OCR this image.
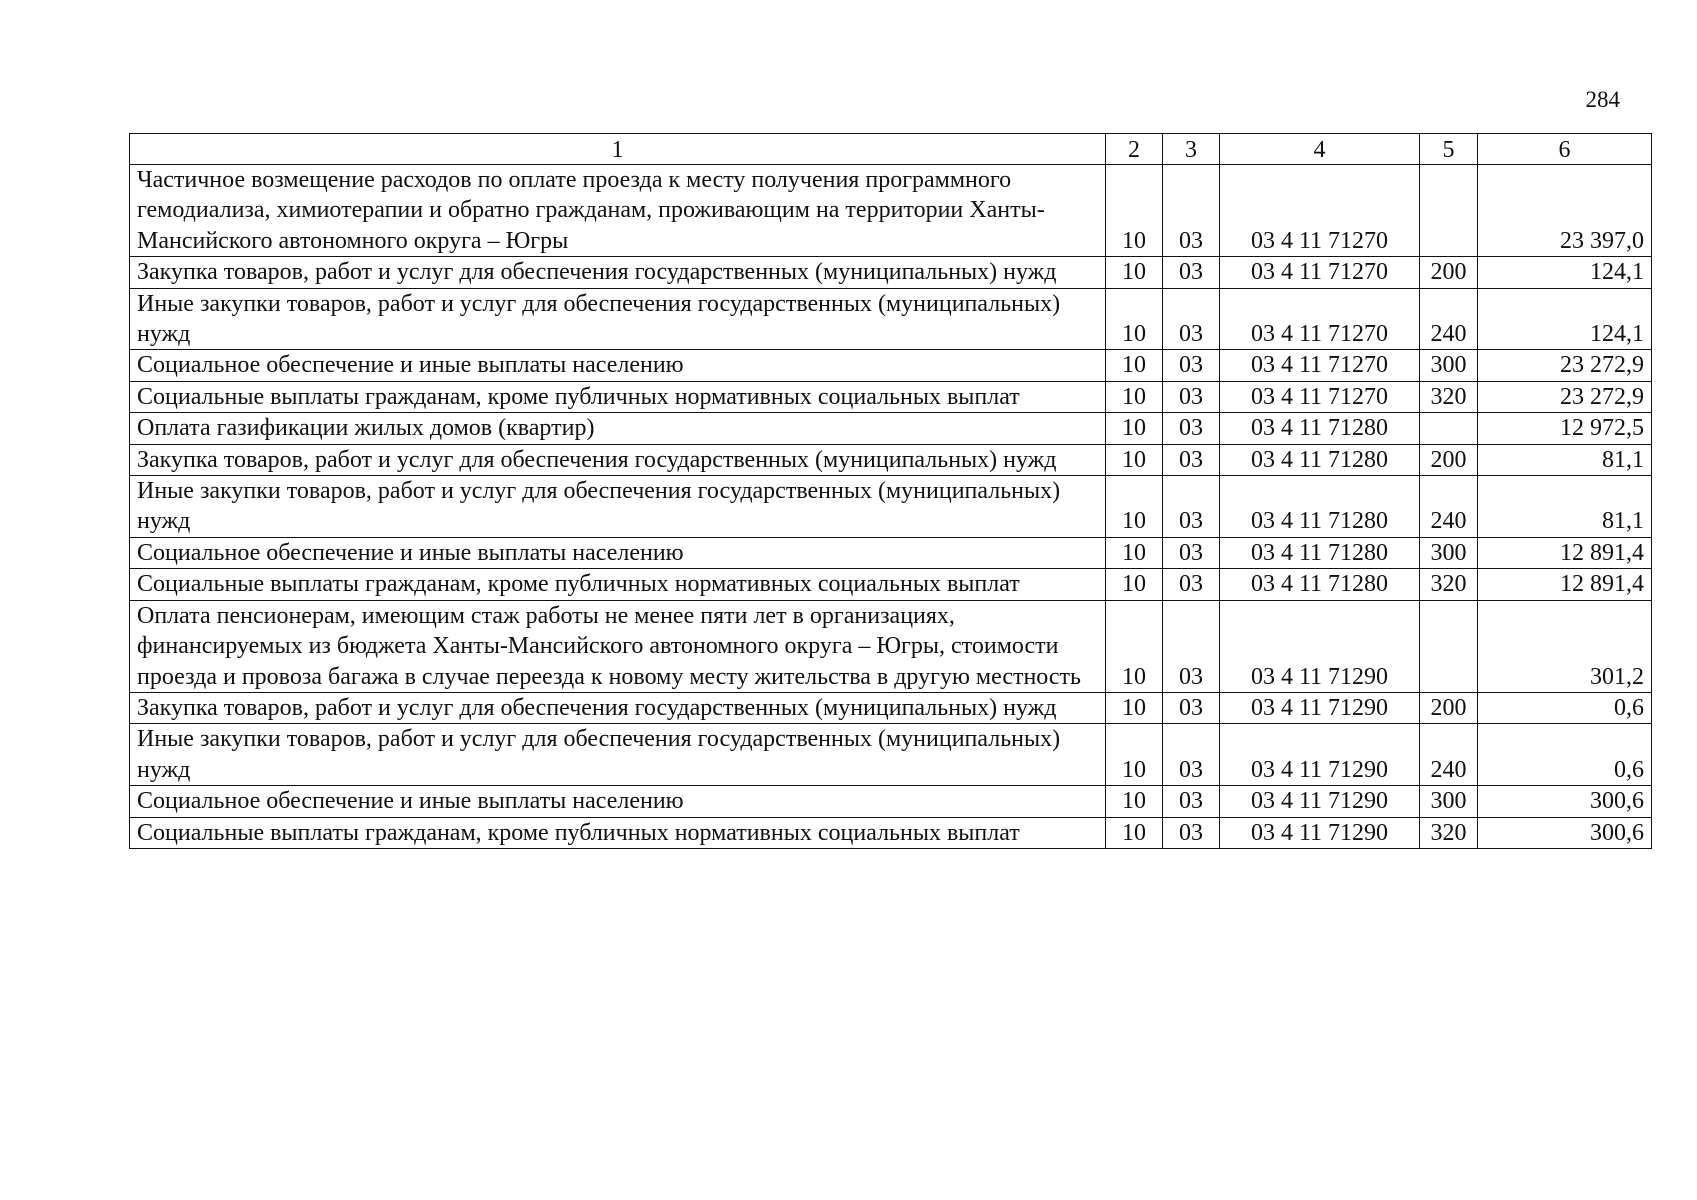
284
1	2	3	4	5	6
Частичное возмещение расходов по оплате проезда к месту получения программного гемодиализа, химиотерапии и обратно гражданам, проживающим на территории Ханты-Мансийского автономного округа – Югры	10	03	03 4 11 71270		23 397,0
Закупка товаров, работ и услуг для обеспечения государственных (муниципальных) нужд	10	03	03 4 11 71270	200	124,1
Иные закупки товаров, работ и услуг для обеспечения государственных (муниципальных) нужд	10	03	03 4 11 71270	240	124,1
Социальное обеспечение и иные выплаты населению	10	03	03 4 11 71270	300	23 272,9
Социальные выплаты гражданам, кроме публичных нормативных социальных выплат	10	03	03 4 11 71270	320	23 272,9
Оплата газификации жилых домов (квартир)	10	03	03 4 11 71280		12 972,5
Закупка товаров, работ и услуг для обеспечения государственных (муниципальных) нужд	10	03	03 4 11 71280	200	81,1
Иные закупки товаров, работ и услуг для обеспечения государственных (муниципальных) нужд	10	03	03 4 11 71280	240	81,1
Социальное обеспечение и иные выплаты населению	10	03	03 4 11 71280	300	12 891,4
Социальные выплаты гражданам, кроме публичных нормативных социальных выплат	10	03	03 4 11 71280	320	12 891,4
Оплата пенсионерам, имеющим стаж работы не менее пяти лет в организациях, финансируемых из бюджета Ханты-Мансийского автономного округа – Югры, стоимости проезда и провоза багажа в случае переезда к новому месту жительства в другую местность	10	03	03 4 11 71290		301,2
Закупка товаров, работ и услуг для обеспечения государственных (муниципальных) нужд	10	03	03 4 11 71290	200	0,6
Иные закупки товаров, работ и услуг для обеспечения государственных (муниципальных) нужд	10	03	03 4 11 71290	240	0,6
Социальное обеспечение и иные выплаты населению	10	03	03 4 11 71290	300	300,6
Социальные выплаты гражданам, кроме публичных нормативных социальных выплат	10	03	03 4 11 71290	320	300,6
